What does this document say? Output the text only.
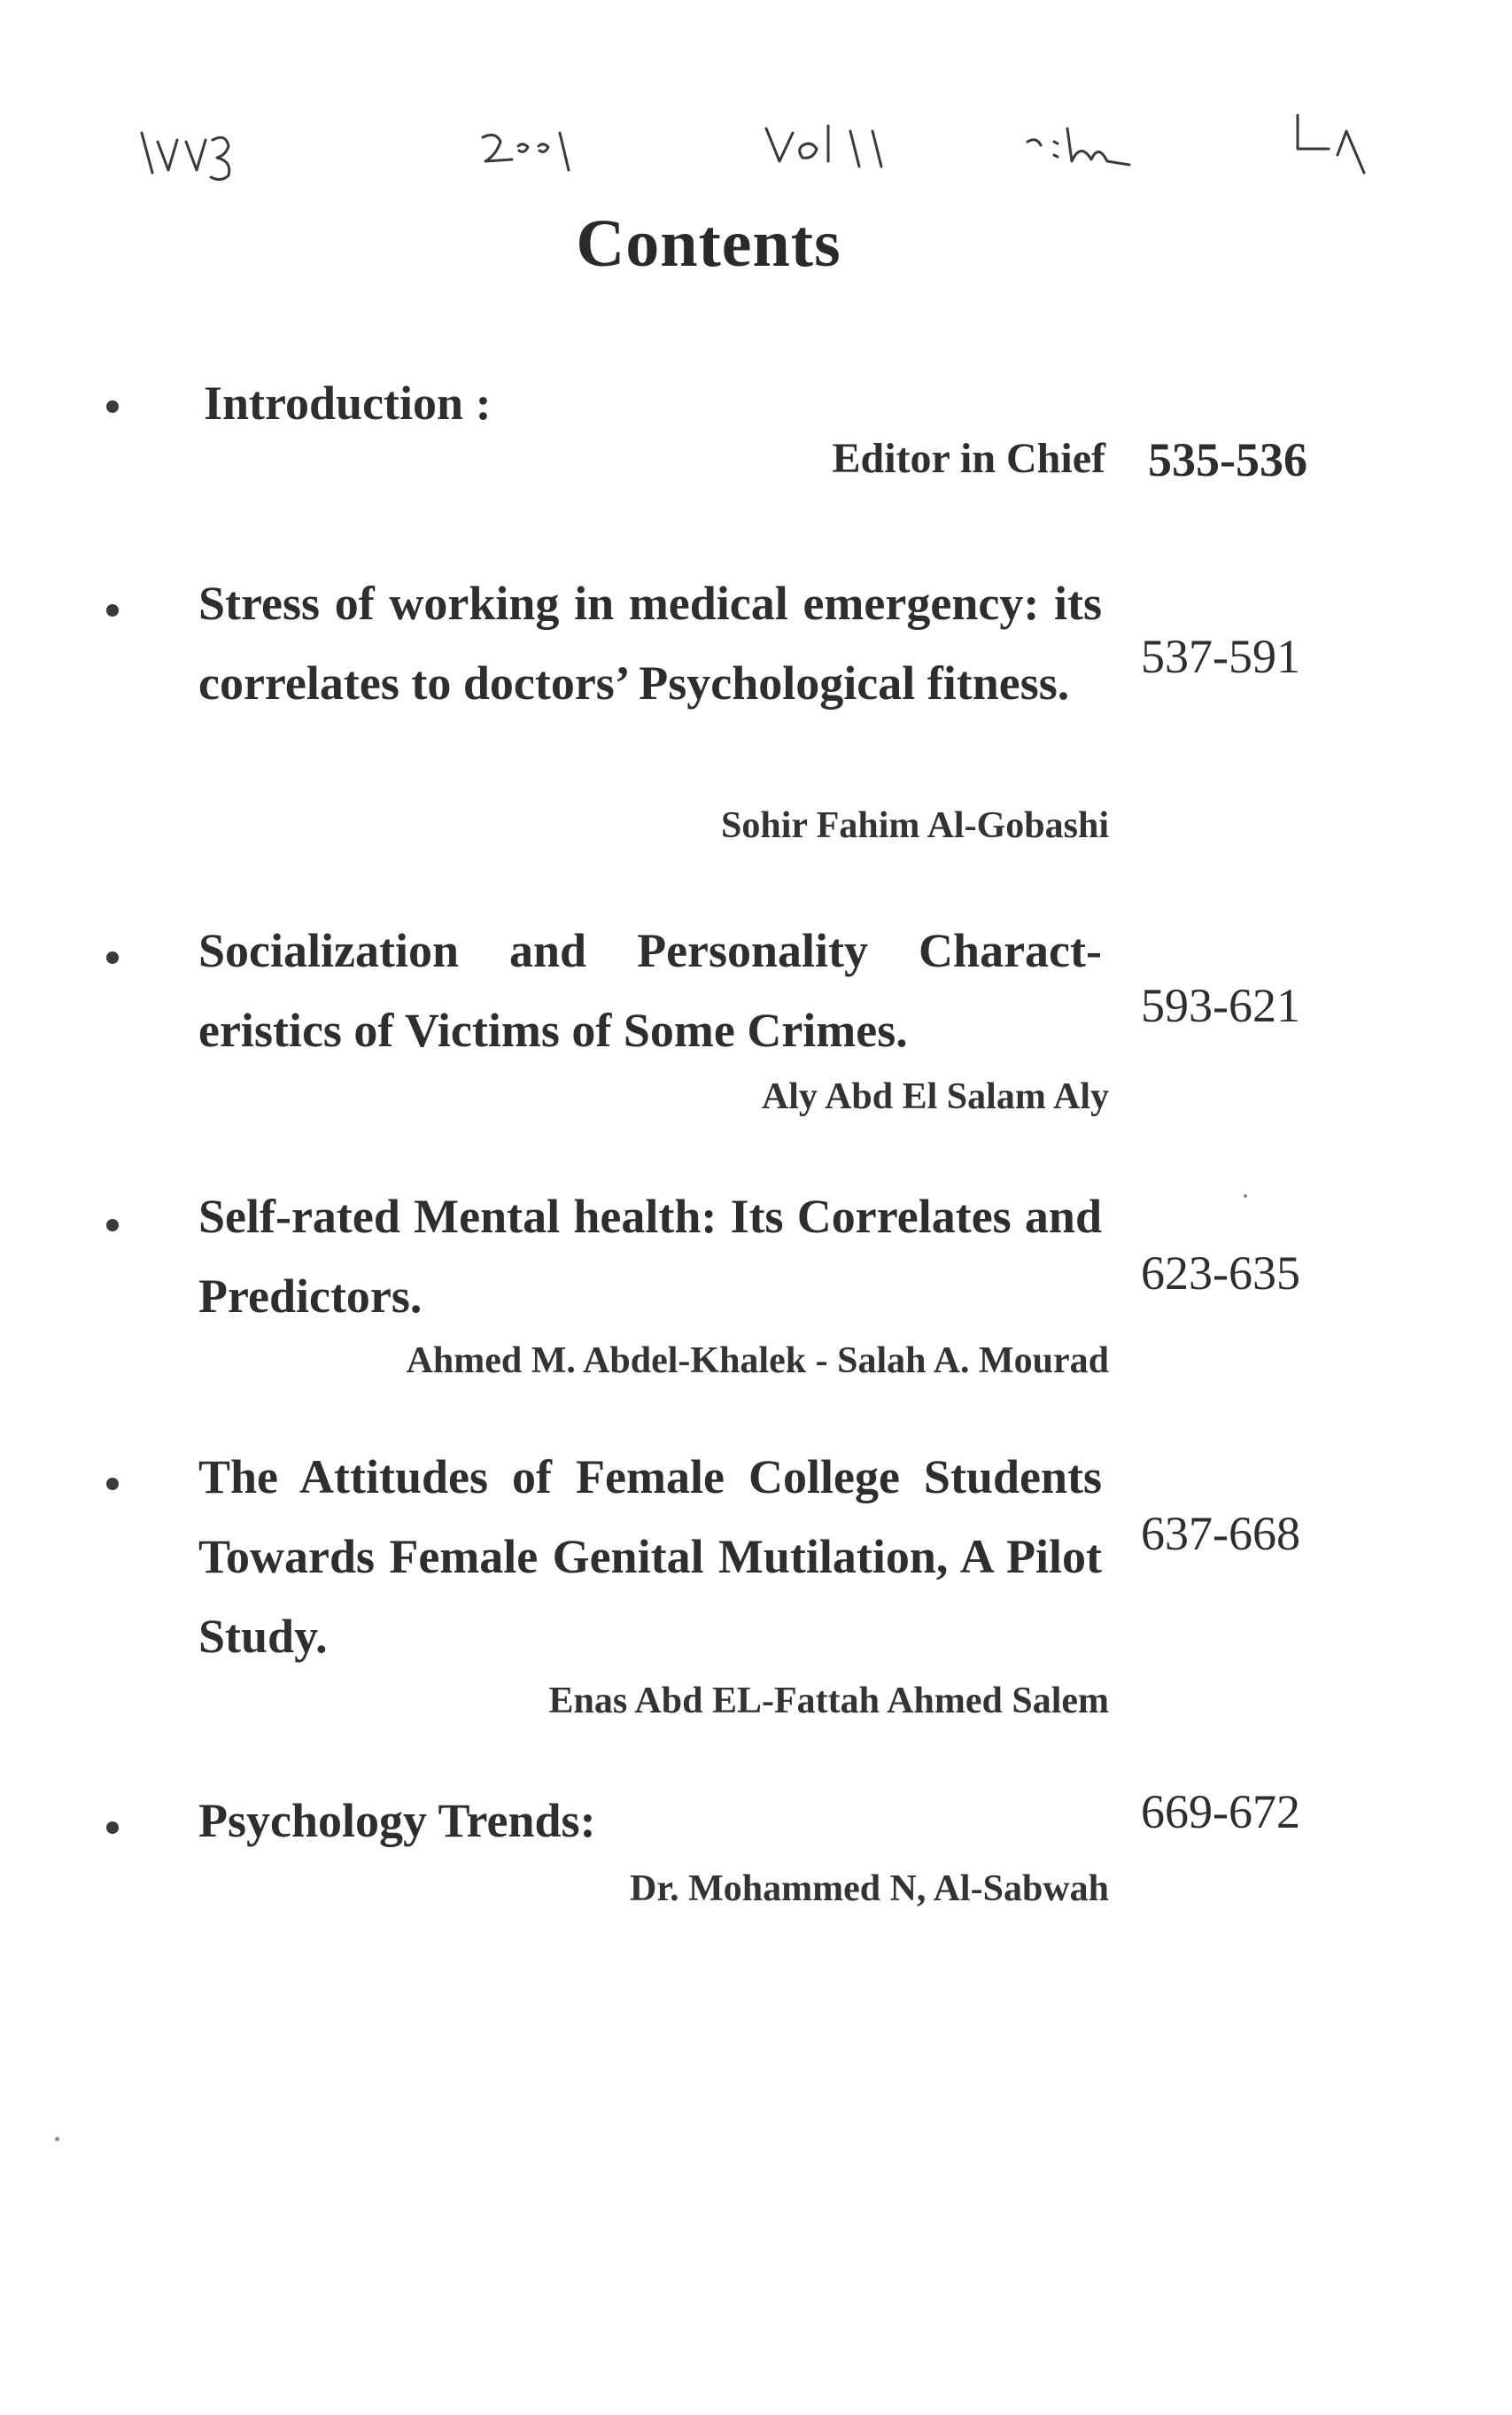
Contents
Introduction :
Editor in Chief 535-536
Stress of working in medical emergency: its correlates to doctors’ Psychological fitness.
Sohir Fahim Al-Gobashi
537-591
Socialization and Personality Charact-eristics of Victims of Some Crimes.
Aly Abd El Salam Aly
593-621
Self-rated Mental health: Its Correlates and Predictors.
Ahmed M. Abdel-Khalek - Salah A. Mourad
623-635
The Attitudes of Female College Students Towards Female Genital Mutilation, A Pilot Study.
Enas Abd EL-Fattah Ahmed Salem
637-668
Psychology Trends:
Dr. Mohammed N, Al-Sabwah
669-672
